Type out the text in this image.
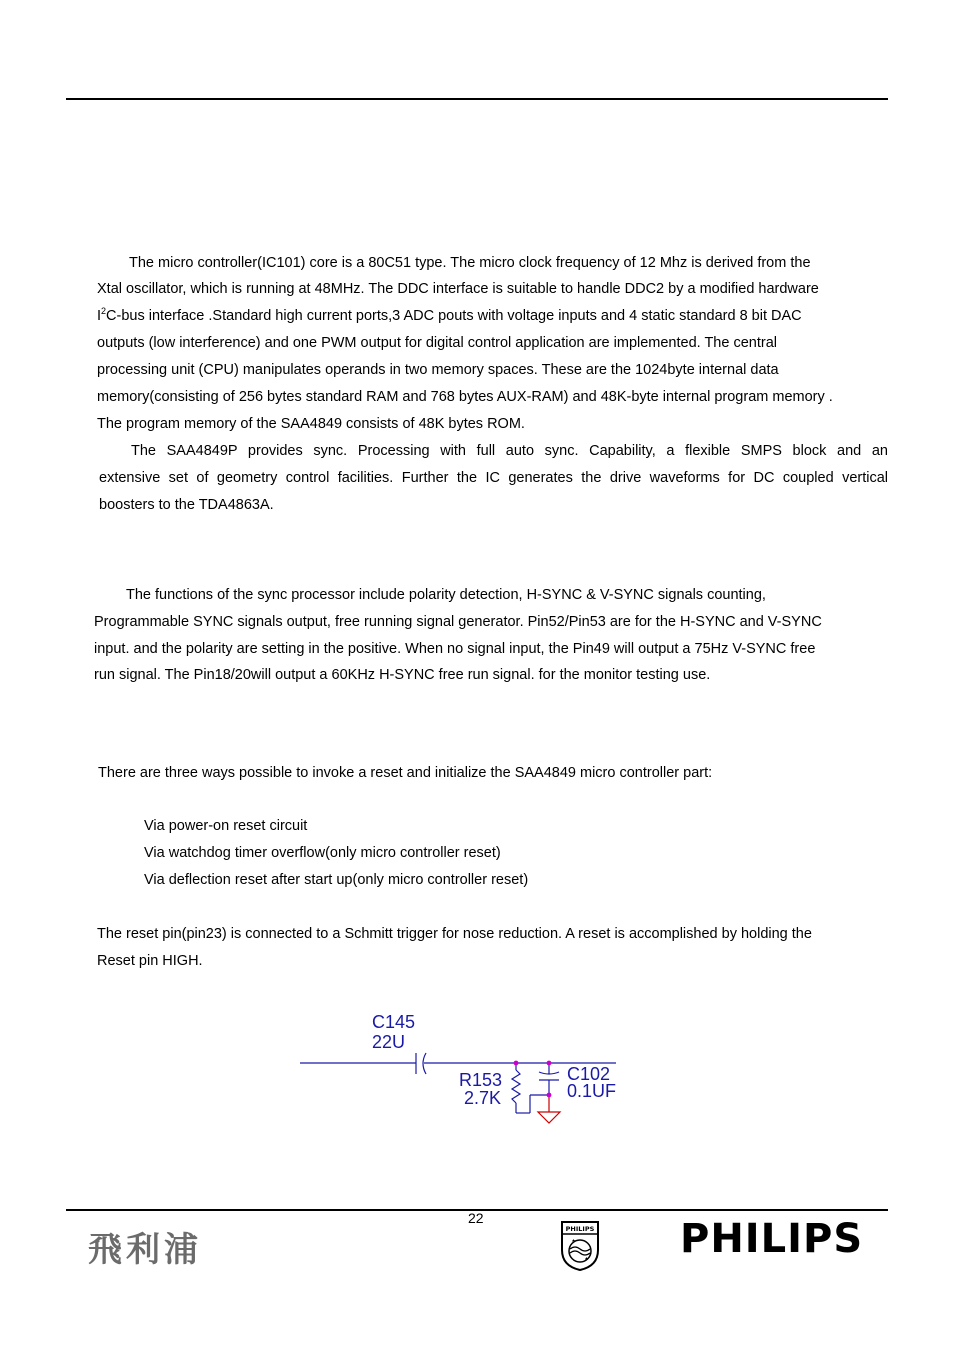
The micro controller(IC101) core is a 80C51 type. The micro clock frequency of 12 Mhz is derived from the
Xtal oscillator, which is running at 48MHz. The DDC interface is suitable to handle DDC2 by a modified hardware
$I^2C$-bus interface .Standard high current ports,3 ADC pouts with voltage inputs and 4 static standard 8 bit DAC
outputs (low interference) and one PWM output for digital control application are implemented. The central
processing unit (CPU) manipulates operands in two memory spaces. These are the 1024byte internal data
memory(consisting of 256 bytes standard RAM and 768 bytes AUX-RAM) and 48K-byte internal program memory .
The program memory of the SAA4849 consists of 48K bytes ROM.
The SAA4849P provides sync. Processing with full auto sync. Capability, a flexible SMPS block and an
extensive set of geometry control facilities. Further the IC generates the drive waveforms for DC coupled vertical
boosters to the TDA4863A.
The functions of the sync processor include polarity detection, H-SYNC & V-SYNC signals counting,
Programmable SYNC signals output, free running signal generator. Pin52/Pin53 are for the H-SYNC and V-SYNC
input. and the polarity are setting in the positive. When no signal input, the Pin49 will output a 75Hz V-SYNC free
run signal. The Pin18/20will output a 60KHz H-SYNC free run signal. for the monitor testing use.
There are three ways possible to invoke a reset and initialize the SAA4849 micro controller part:
Via power-on reset circuit
Via watchdog timer overflow(only micro controller reset)
Via deflection reset after start up(only micro controller reset)
The reset pin(pin23) is connected to a Schmitt trigger for nose reduction. A reset is accomplished by holding the
Reset pin HIGH.
C145
22U
R153
2.7K
C102
0.1UF
22
飛利浦
PHILIPS PHILIPS
